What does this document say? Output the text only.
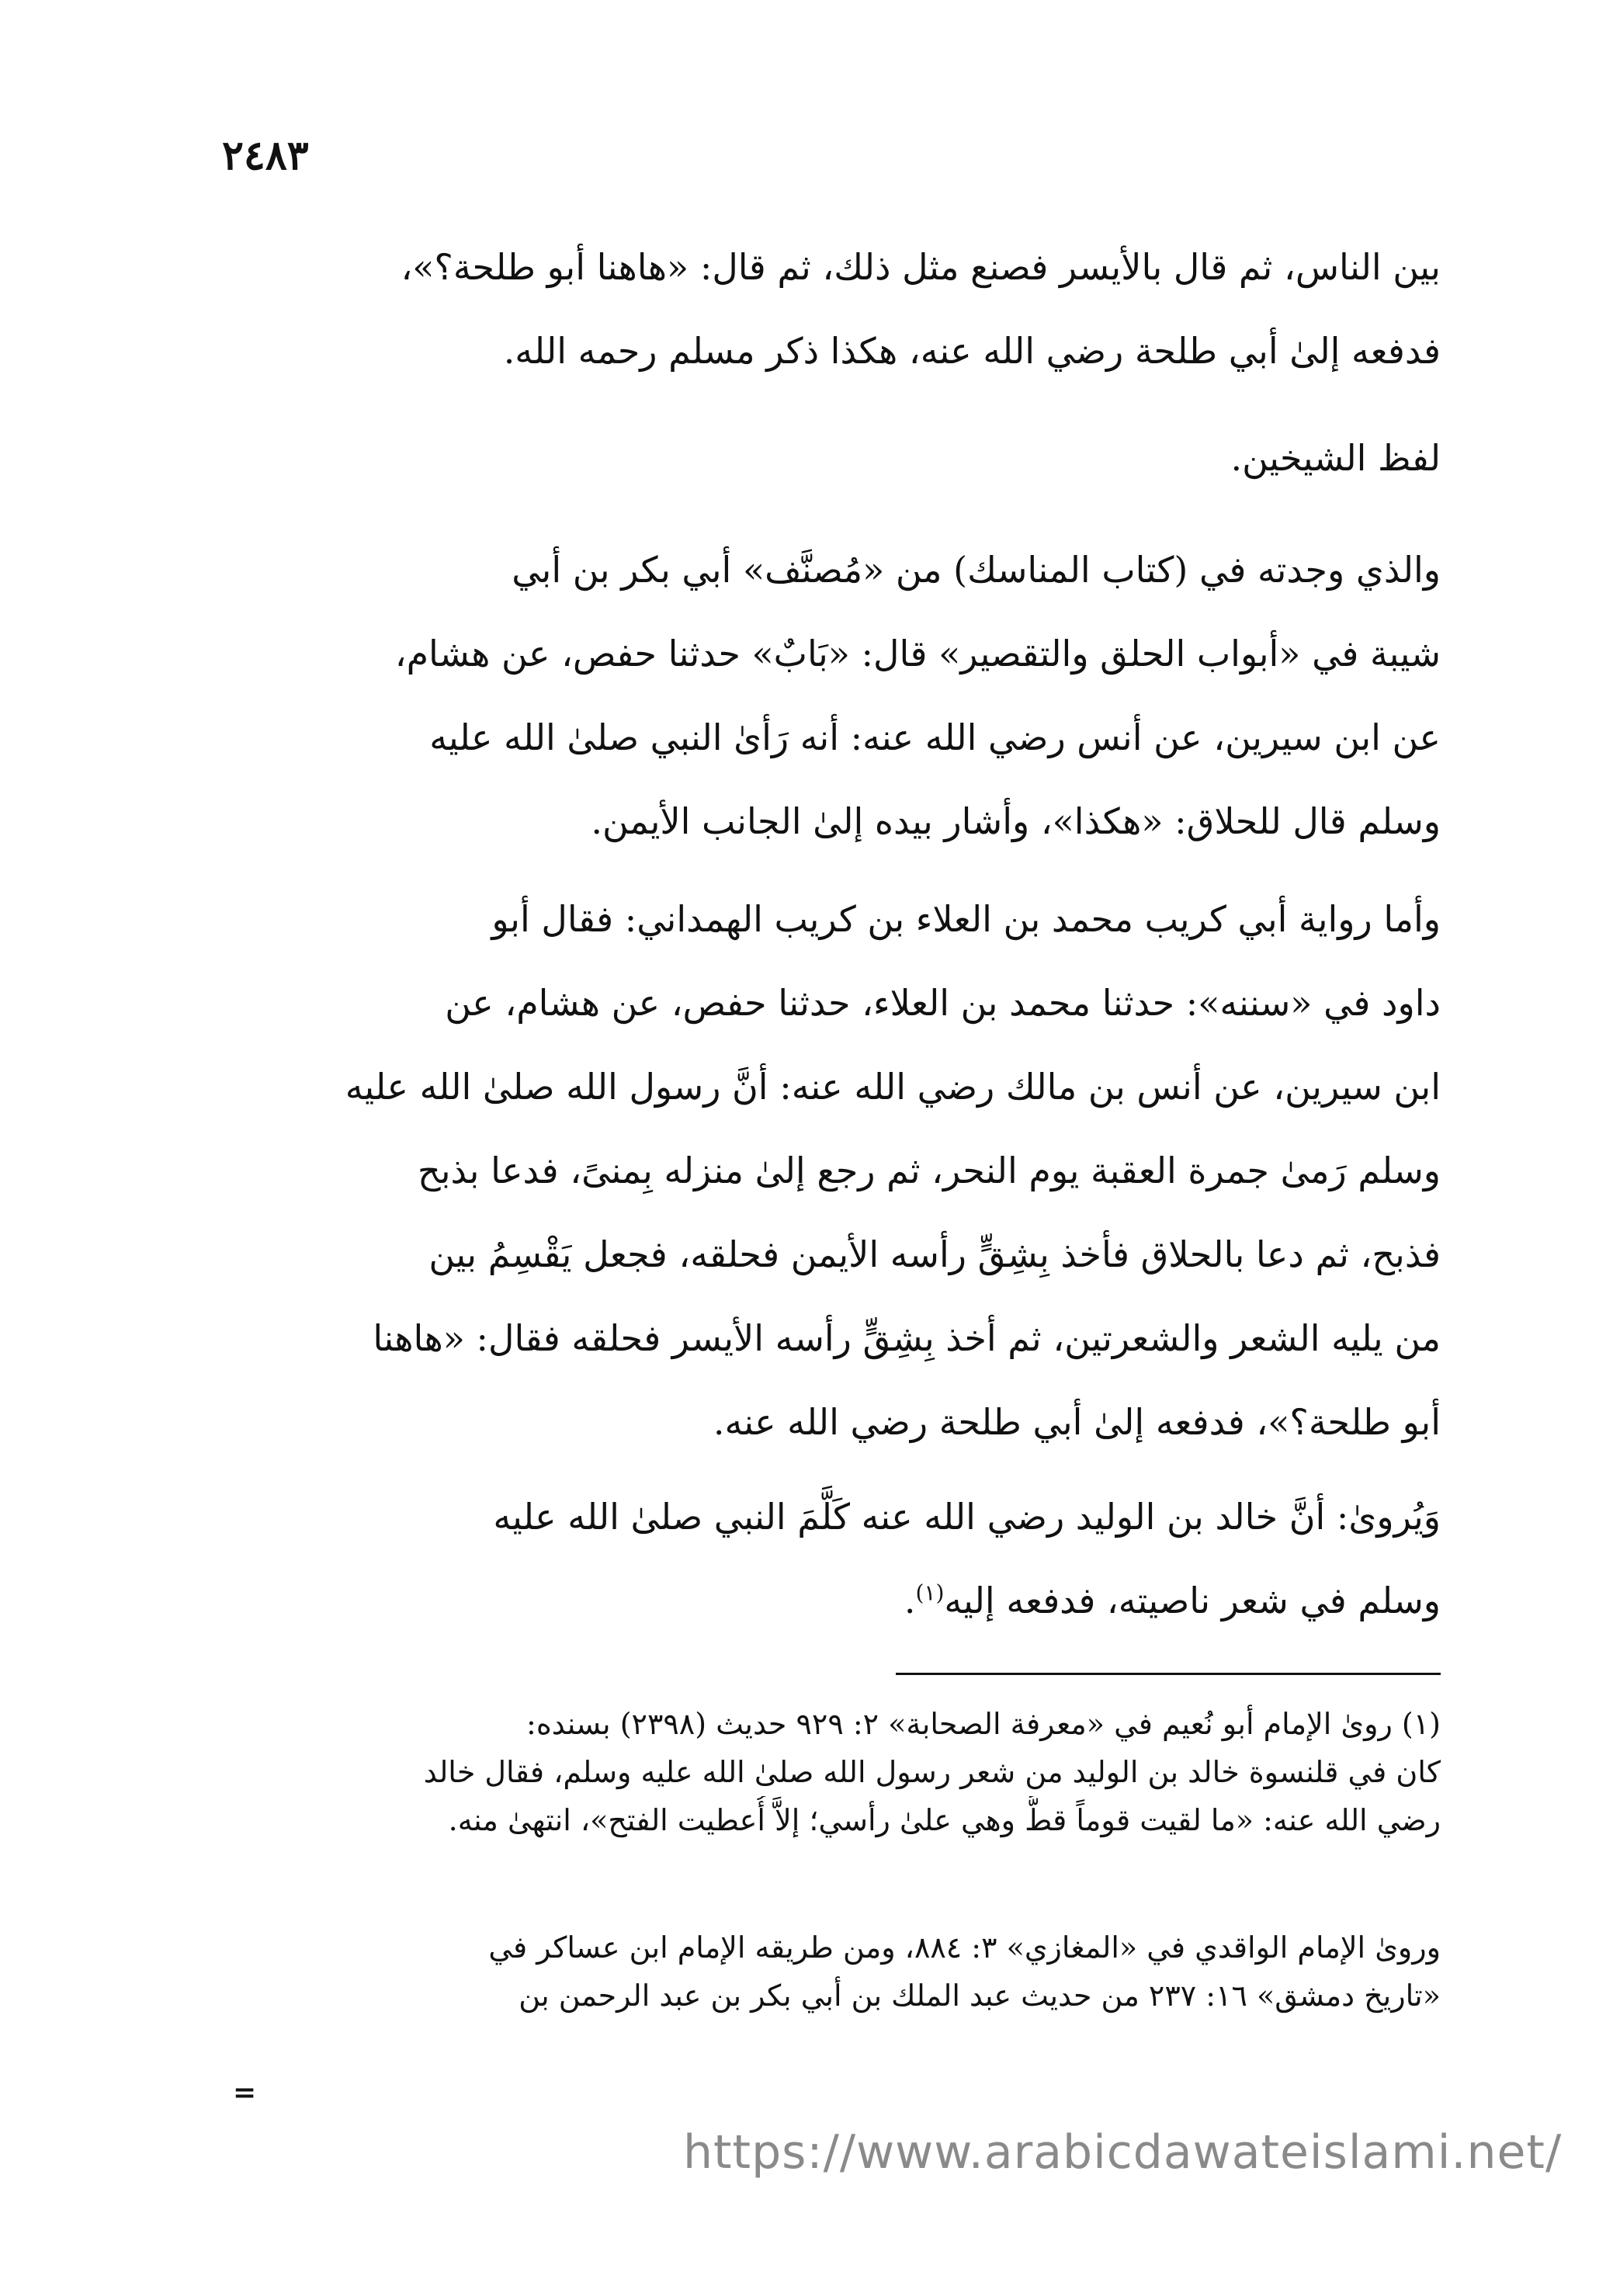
٢٤٨٣
بين الناس، ثم قال بالأيسر فصنع مثل ذلك، ثم قال: «هاهنا أبو طلحة؟»،
فدفعه إلىٰ أبي طلحة رضي الله عنه، هكذا ذكر مسلم رحمه الله.
لفظ الشيخين.
والذي وجدته في (كتاب المناسك) من «مُصنَّف» أبي بكر بن أبي
شيبة في «أبواب الحلق والتقصير» قال: «بَابٌ» حدثنا حفص، عن هشام،
عن ابن سيرين، عن أنس رضي الله عنه: أنه رَأىٰ النبي صلىٰ الله عليه
وسلم قال للحلاق: «هكذا»، وأشار بيده إلىٰ الجانب الأيمن.
وأما رواية أبي كريب محمد بن العلاء بن كريب الهمداني: فقال أبو
داود في «سننه»: حدثنا محمد بن العلاء، حدثنا حفص، عن هشام، عن
ابن سيرين، عن أنس بن مالك رضي الله عنه: أنَّ رسول الله صلىٰ الله عليه
وسلم رَمىٰ جمرة العقبة يوم النحر، ثم رجع إلىٰ منزله بِمنىً، فدعا بذبح
فذبح، ثم دعا بالحلاق فأخذ بِشِقٍّ رأسه الأيمن فحلقه، فجعل يَقْسِمُ بين
من يليه الشعر والشعرتين، ثم أخذ بِشِقٍّ رأسه الأيسر فحلقه فقال: «هاهنا
أبو طلحة؟»، فدفعه إلىٰ أبي طلحة رضي الله عنه.
وَيُروىٰ: أنَّ خالد بن الوليد رضي الله عنه كَلَّمَ النبي صلىٰ الله عليه
وسلم في شعر ناصيته، فدفعه إليه$^{(١)}$.
(١) روىٰ الإمام أبو نُعيم في «معرفة الصحابة» ٢: ٩٢٩ حديث (٢٣٩٨) بسنده:
كان في قلنسوة خالد بن الوليد من شعر رسول الله صلىٰ الله عليه وسلم، فقال خالد
رضي الله عنه: «ما لقيت قوماً قطُّ وهي علىٰ رأسي؛ إلاَّ أُعطيت الفتح»، انتهىٰ منه.
وروىٰ الإمام الواقدي في «المغازي» ٣: ٨٨٤، ومن طريقه الإمام ابن عساكر في
«تاريخ دمشق» ١٦: ٢٣٧ من حديث عبد الملك بن أبي بكر بن عبد الرحمن بن
=
https://www.arabicdawateislami.net/
